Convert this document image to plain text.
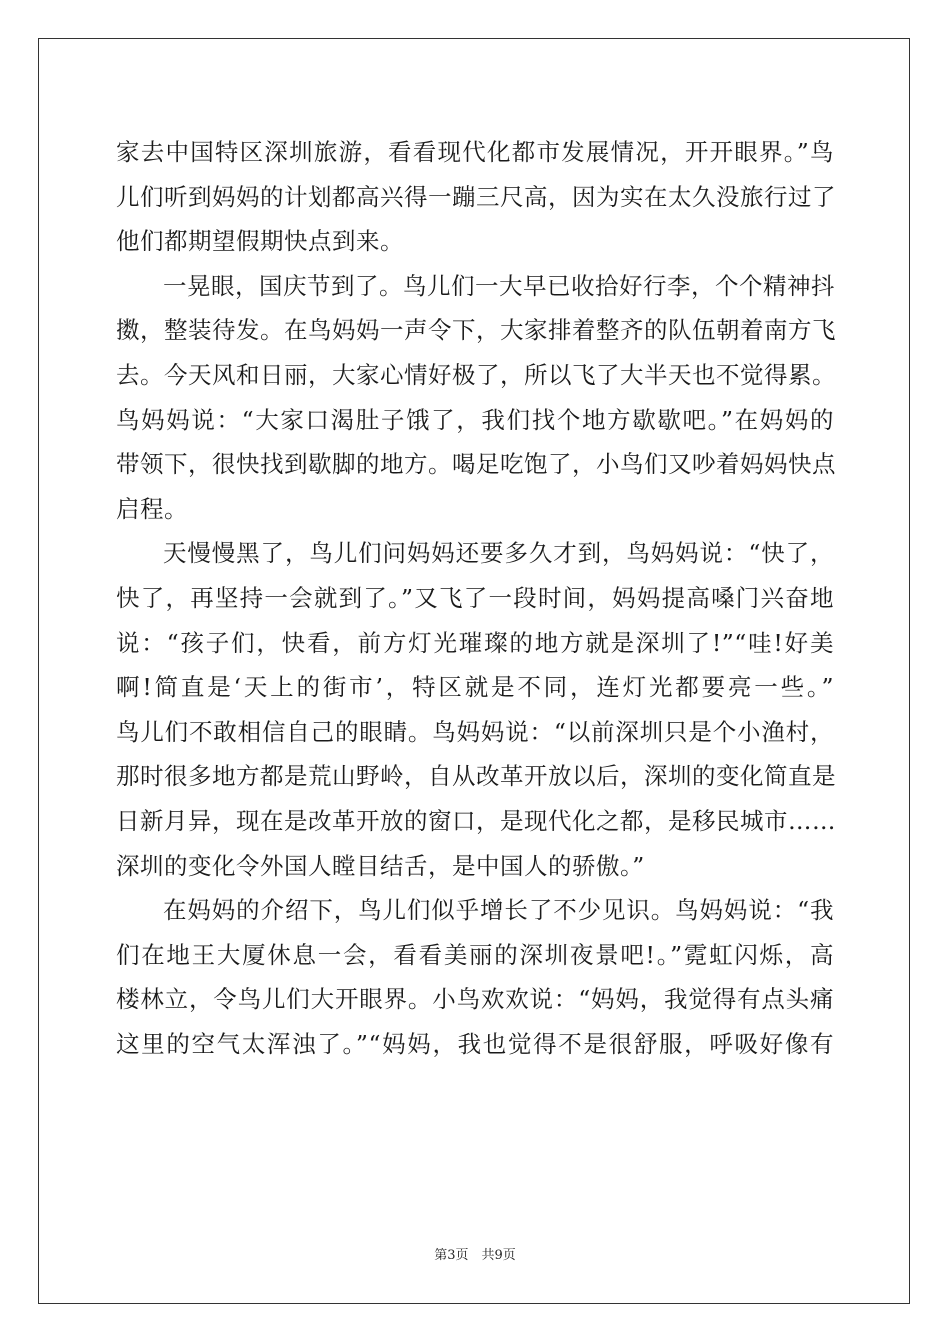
家去中国特区深圳旅游，看看现代化都市发展情况，开开眼界。”鸟
儿们听到妈妈的计划都高兴得一蹦三尺高，因为实在太久没旅行过了
他们都期望假期快点到来。
一晃眼，国庆节到了。鸟儿们一大早已收拾好行李，个个精神抖
擞，整装待发。在鸟妈妈一声令下，大家排着整齐的队伍朝着南方飞
去。今天风和日丽，大家心情好极了，所以飞了大半天也不觉得累。
鸟妈妈说：“大家口渴肚子饿了，我们找个地方歇歇吧。”在妈妈的
带领下，很快找到歇脚的地方。喝足吃饱了，小鸟们又吵着妈妈快点
启程。
天慢慢黑了，鸟儿们问妈妈还要多久才到，鸟妈妈说：“快了，
快了，再坚持一会就到了。”又飞了一段时间，妈妈提高嗓门兴奋地
说：“孩子们，快看，前方灯光璀璨的地方就是深圳了!”“哇!好美
啊!简直是‘天上的街市’，特区就是不同，连灯光都要亮一些。”
鸟儿们不敢相信自己的眼睛。鸟妈妈说：“以前深圳只是个小渔村，
那时很多地方都是荒山野岭，自从改革开放以后，深圳的变化简直是
日新月异，现在是改革开放的窗口，是现代化之都，是移民城市……
深圳的变化令外国人瞠目结舌，是中国人的骄傲。”
在妈妈的介绍下，鸟儿们似乎增长了不少见识。鸟妈妈说：“我
们在地王大厦休息一会，看看美丽的深圳夜景吧!。”霓虹闪烁，高
楼林立，令鸟儿们大开眼界。小鸟欢欢说：“妈妈，我觉得有点头痛
这里的空气太浑浊了。”“妈妈，我也觉得不是很舒服，呼吸好像有
第3页　共9页
